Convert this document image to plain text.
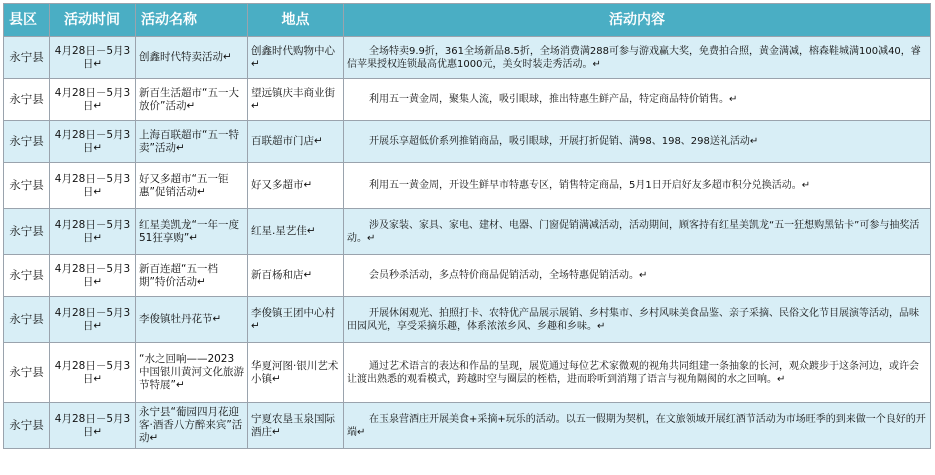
县区	活动时间	活动名称	地点	活动内容
永宁县	4月28日－5月3日↵	创鑫时代特卖活动↵	创鑫时代购物中心↵	全场特卖9.9折，361全场新品8.5折，全场消费满288可参与游戏赢大奖，免费拍合照，黄金满减，榕森鞋城满100减40，睿信苹果授权连锁最高优惠1000元，美女时装走秀活动。↵
永宁县	4月28日－5月3日↵	新百生活超市“五一大放价”活动↵	望远镇庆丰商业街↵	利用五一黄金周，聚集人流，吸引眼球，推出特惠生鲜产品，特定商品特价销售。↵
永宁县	4月28日－5月3日↵	上海百联超市“五一特卖”活动↵	百联超市门店↵	开展乐享超低价系列推销商品，吸引眼球，开展打折促销、满98、198、298送礼活动↵
永宁县	4月28日－5月3日↵	好又多超市“五一钜惠”促销活动↵	好又多超市↵	利用五一黄金周，开设生鲜早市特惠专区，销售特定商品，5月1日开启好友多超市积分兑换活动。↵
永宁县	4月28日－5月3日↵	红星美凯龙“一年一度51狂享购”↵	红星.星艺佳↵	涉及家装、家具、家电、建材、电器、门窗促销满减活动，活动期间，顾客持有红星美凯龙“五一狂想购黑钻卡”可参与抽奖活动。↵
永宁县	4月28日－5月3日↵	新百连超“五一档期”特价活动↵	新百杨和店↵	会员秒杀活动，多点特价商品促销活动，全场特惠促销活动。↵
永宁县	4月28日－5月3日↵	李俊镇牡丹花节↵	李俊镇王团中心村↵	开展休闲观光、拍照打卡、农特优产品展示展销、乡村集市、乡村风味美食品鉴、亲子采摘、民俗文化节目展演等活动，品味田园风光，享受采摘乐趣，体系浓浓乡风、乡趣和乡味。↵
永宁县	4月28日－5月3日↵	“水之回响——2023中国银川黄河文化旅游节特展”↵	华夏河图·银川艺术小镇↵	通过艺术语言的表达和作品的呈现，展览通过每位艺术家微观的视角共同组建一条抽象的长河，观众踱步于这条河边，或许会让渡出熟悉的观看模式，跨越时空与圈层的桎梏，进而聆听到消翔了语言与视角隔阂的水之回响。↵
永宁县	4月28日－5月3日↵	永宁县“葡园四月花迎客·酒香八方醉来宾”活动↵	宁夏农垦玉泉国际酒庄↵	在玉泉营酒庄开展美食+采摘+玩乐的活动。以五一假期为契机，在文旅领域开展红酒节活动为市场旺季的到来做一个良好的开端↵
